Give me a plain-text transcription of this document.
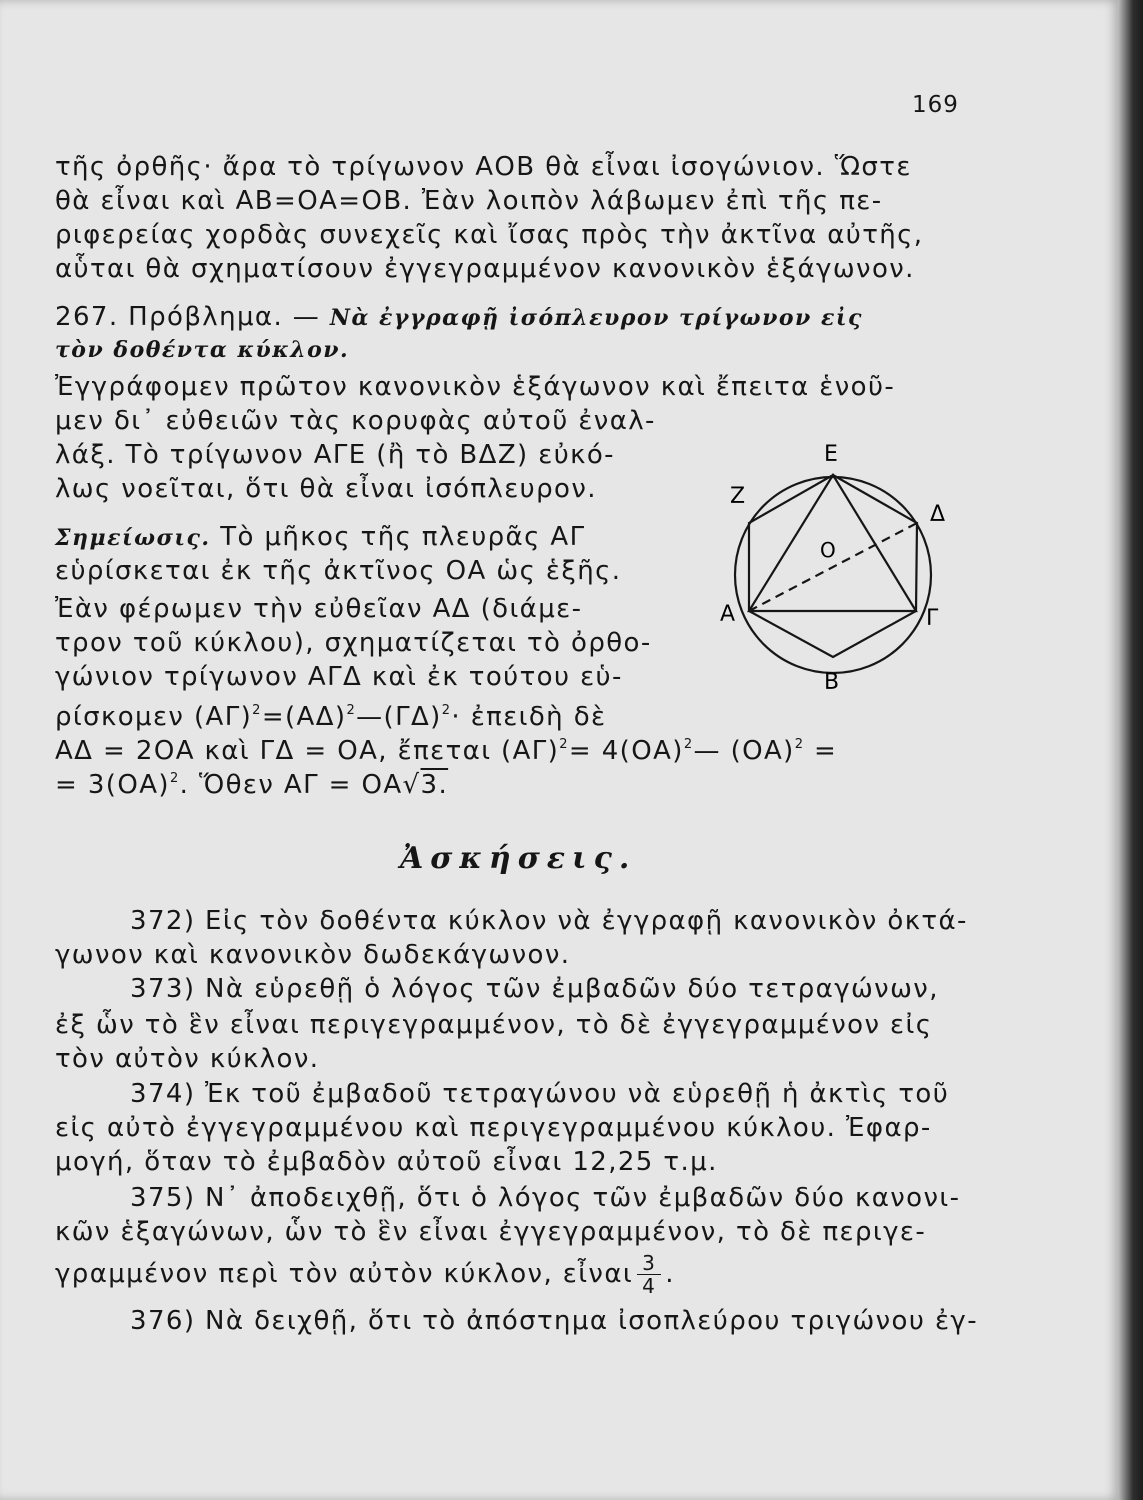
169
τῆς ὀρθῆς· ἄρα τὸ τρίγωνον ΑΟΒ θὰ εἶναι ἰσογώνιον. Ὥστε
θὰ εἶναι καὶ ΑΒ=ΟΑ=ΟΒ. Ἐὰν λοιπὸν λάβωμεν ἐπὶ τῆς πε-
ριφερείας χορδὰς συνεχεῖς καὶ ἴσας πρὸς τὴν ἀκτῖνα αὐτῆς,
αὗται θὰ σχηματίσουν ἐγγεγραμμένον κανονικὸν ἑξάγωνον.
267. Πρόβλημα. — Νὰ ἐγγραφῇ ἰσόπλευρον τρίγωνον εἰς
τὸν δοθέντα κύκλον.
Ἐγγράφομεν πρῶτον κανονικὸν ἑξάγωνον καὶ ἔπειτα ἑνοῦ-
μεν δι᾽ εὐθειῶν τὰς κορυφὰς αὐτοῦ ἐναλ-
λάξ. Τὸ τρίγωνον ΑΓΕ (ἢ τὸ ΒΔΖ) εὐκό-
λως νοεῖται, ὅτι θὰ εἶναι ἰσόπλευρον.
Σημείωσις. Τὸ μῆκος τῆς πλευρᾶς ΑΓ
εὑρίσκεται ἐκ τῆς ἀκτῖνος ΟΑ ὡς ἑξῆς.
Ἐὰν φέρωμεν τὴν εὐθεῖαν ΑΔ (διάμε-
τρον τοῦ κύκλου), σχηματίζεται τὸ ὀρθο-
γώνιον τρίγωνον ΑΓΔ καὶ ἐκ τούτου εὑ-
ρίσκομεν $(A\Gamma)^2=(A\Delta)^2—(\Gamma\Delta)^2\cdot$ ἐπειδὴ δὲ
ΑΔ = 2ΟΑ καὶ ΓΔ = ΟΑ, ἔπεται $(A\Gamma)^2=$ $4(OA)^2—$ $(OA)^2$ =
= $3(OA)^2$. Ὅθεν ΑΓ = ΟΑ√3.
Ἀσκήσεις.
372) Εἰς τὸν δοθέντα κύκλον νὰ ἐγγραφῇ κανονικὸν ὀκτά-
γωνον καὶ κανονικὸν δωδεκάγωνον.
373) Νὰ εὑρεθῇ ὁ λόγος τῶν ἐμβαδῶν δύο τετραγώνων,
ἐξ ὧν τὸ ἓν εἶναι περιγεγραμμένον, τὸ δὲ ἐγγεγραμμένον εἰς
τὸν αὐτὸν κύκλον.
374) Ἐκ τοῦ ἐμβαδοῦ τετραγώνου νὰ εὑρεθῇ ἡ ἀκτὶς τοῦ
εἰς αὐτὸ ἐγγεγραμμένου καὶ περιγεγραμμένου κύκλου. Ἐφαρ-
μογή, ὅταν τὸ ἐμβαδὸν αὐτοῦ εἶναι 12,25 τ.μ.
375) Ν᾽ ἀποδειχθῇ, ὅτι ὁ λόγος τῶν ἐμβαδῶν δύο κανονι-
κῶν ἑξαγώνων, ὧν τὸ ἓν εἶναι ἐγγεγραμμένον, τὸ δὲ περιγε-
γραμμένον περὶ τὸν αὐτὸν κύκλον, εἶναι $\frac{3}{4}$ .
376) Νὰ δειχθῇ, ὅτι τὸ ἀπόστημα ἰσοπλεύρου τριγώνου ἐγ-
Ε
Ζ
Δ
Ο
Α	Γ
Β
